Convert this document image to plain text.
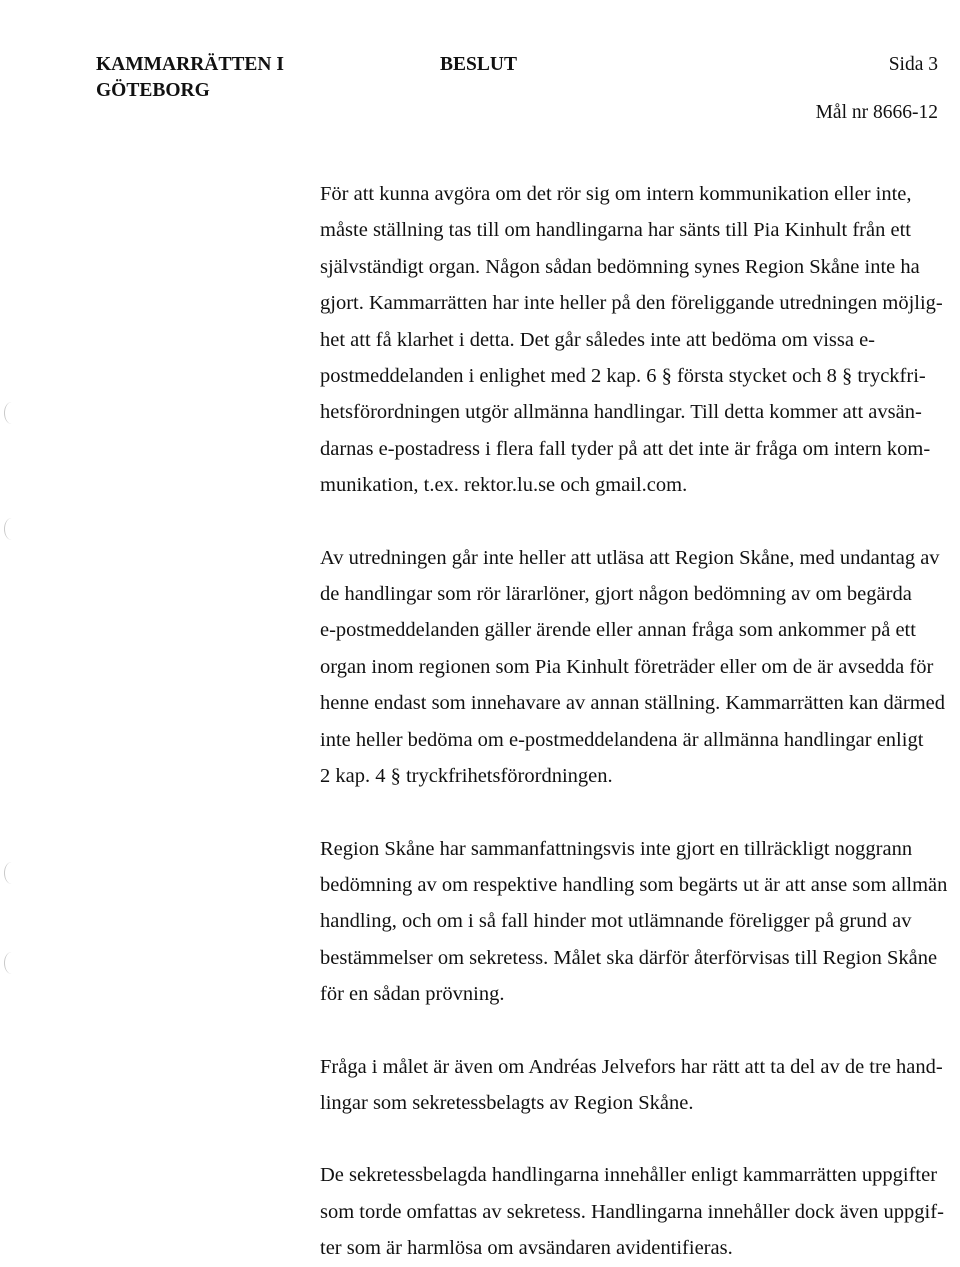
KAMMARRÄTTEN I
GÖTEBORG
BESLUT	Sida 3
Mål nr 8666-12

För att kunna avgöra om det rör sig om intern kommunikation eller inte,
måste ställning tas till om handlingarna har sänts till Pia Kinhult från ett
självständigt organ. Någon sådan bedömning synes Region Skåne inte ha
gjort. Kammarrätten har inte heller på den föreliggande utredningen möjlig-
het att få klarhet i detta. Det går således inte att bedöma om vissa e-
postmeddelanden i enlighet med 2 kap. 6 § första stycket och 8 § tryckfri-
hetsförordningen utgör allmänna handlingar. Till detta kommer att avsän-
darnas e-postadress i flera fall tyder på att det inte är fråga om intern kom-
munikation, t.ex. rektor.lu.se och gmail.com.

Av utredningen går inte heller att utläsa att Region Skåne, med undantag av
de handlingar som rör lärarlöner, gjort någon bedömning av om begärda
e-postmeddelanden gäller ärende eller annan fråga som ankommer på ett
organ inom regionen som Pia Kinhult företräder eller om de är avsedda för
henne endast som innehavare av annan ställning. Kammarrätten kan därmed
inte heller bedöma om e-postmeddelandena är allmänna handlingar enligt
2 kap. 4 § tryckfrihetsförordningen.

Region Skåne har sammanfattningsvis inte gjort en tillräckligt noggrann
bedömning av om respektive handling som begärts ut är att anse som allmän
handling, och om i så fall hinder mot utlämnande föreligger på grund av
bestämmelser om sekretess. Målet ska därför återförvisas till Region Skåne
för en sådan prövning.

Fråga i målet är även om Andréas Jelvefors har rätt att ta del av de tre hand-
lingar som sekretessbelagts av Region Skåne.

De sekretessbelagda handlingarna innehåller enligt kammarrätten uppgifter
som torde omfattas av sekretess. Handlingarna innehåller dock även uppgif-
ter som är harmlösa om avsändaren avidentifieras.
